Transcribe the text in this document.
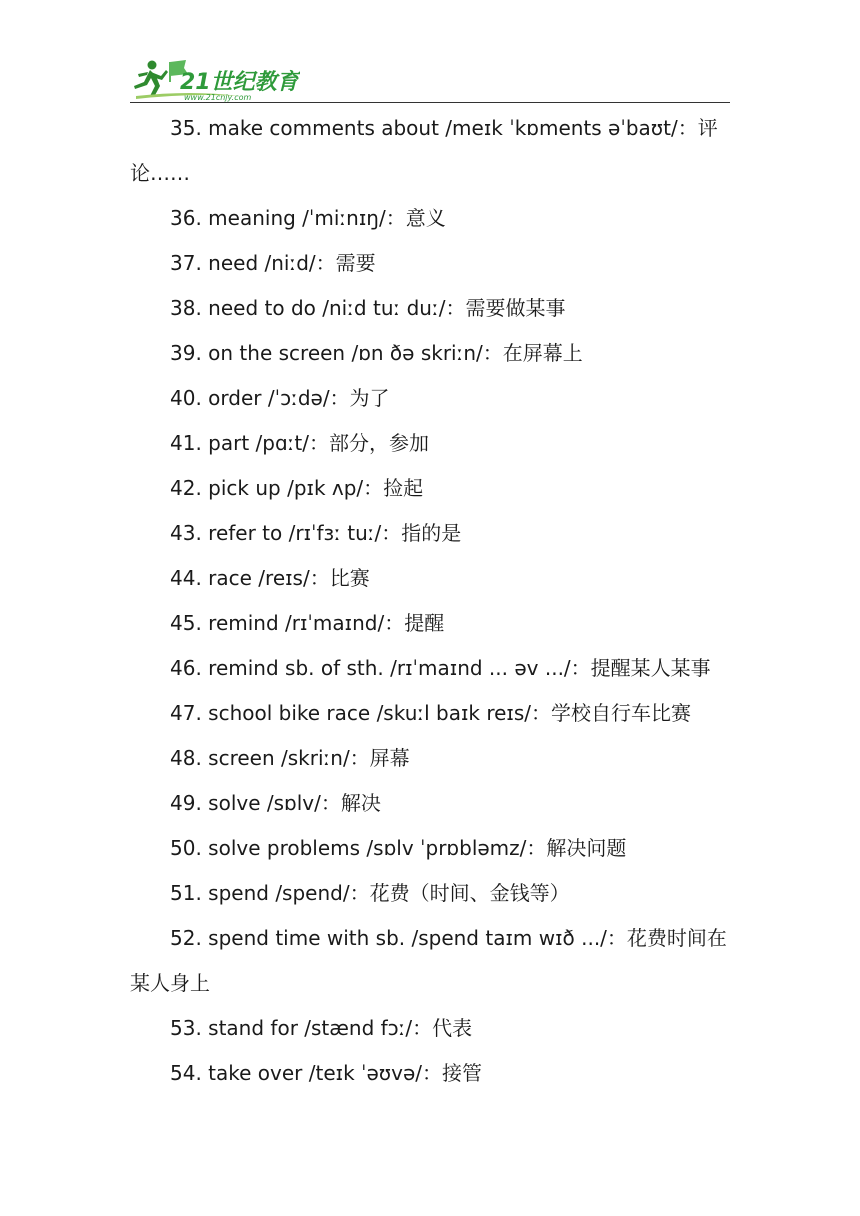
21世纪教育
www.21cnjy.com

35. make comments about /meɪk ˈkɒments əˈbaʊt/：评论……

36. meaning /ˈmiːnɪŋ/：意义

37. need /niːd/：需要

38. need to do /niːd tuː duː/：需要做某事

39. on the screen /ɒn ðə skriːn/：在屏幕上

40. order /ˈɔːdə/：为了

41. part /pɑːt/：部分，参加

42. pick up /pɪk ʌp/：捡起

43. refer to /rɪˈfɜː tuː/：指的是

44. race /reɪs/：比赛

45. remind /rɪˈmaɪnd/：提醒

46. remind sb. of sth. /rɪˈmaɪnd ... əv .../：提醒某人某事

47. school bike race /skuːl baɪk reɪs/：学校自行车比赛

48. screen /skriːn/：屏幕

49. solve /sɒlv/：解决

50. solve problems /sɒlv ˈprɒbləmz/：解决问题

51. spend /spend/：花费（时间、金钱等）

52. spend time with sb. /spend taɪm wɪð .../：花费时间在某人身上

53. stand for /stænd fɔː/：代表

54. take over /teɪk ˈəʊvə/：接管
